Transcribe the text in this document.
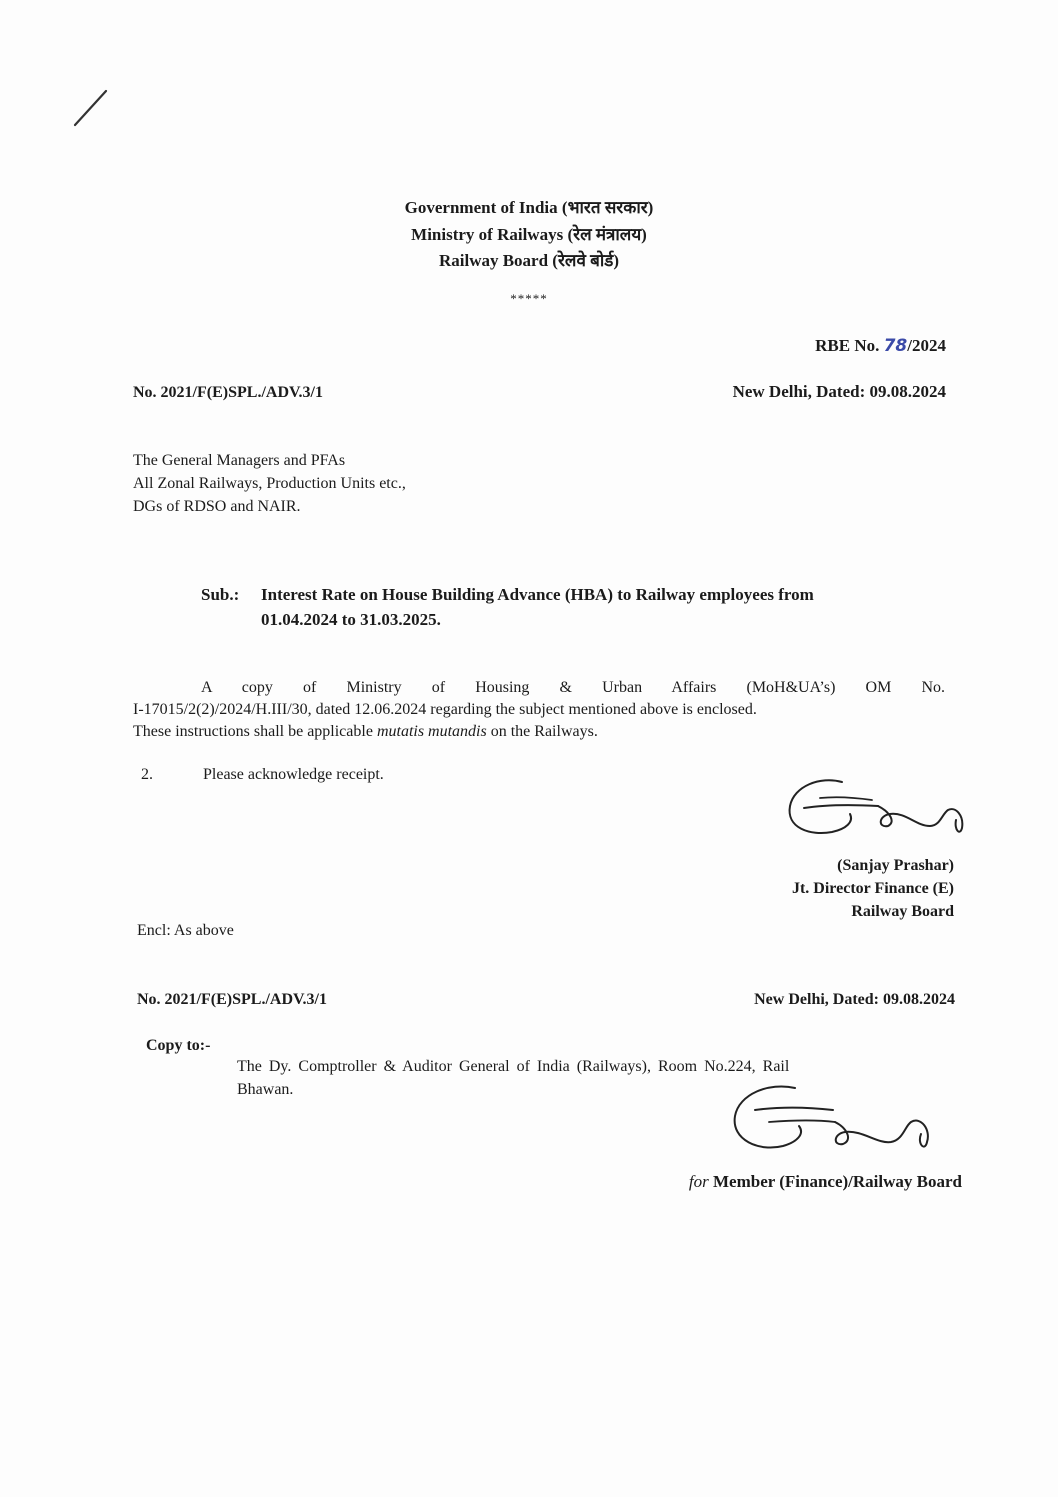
Government of India (भारत सरकार)
Ministry of Railways (रेल मंत्रालय)
Railway Board (रेलवे बोर्ड)
*****
RBE No. 78/2024
No. 2021/F(E)SPL./ADV.3/1	New Delhi, Dated: 09.08.2024
The General Managers and PFAs
All Zonal Railways, Production Units etc.,
DGs of RDSO and NAIR.
Sub.: Interest Rate on House Building Advance (HBA) to Railway employees from
01.04.2024 to 31.03.2025.
A copy of Ministry of Housing & Urban Affairs (MoH&UA’s) OM No.
I-17015/2(2)/2024/H.III/30, dated 12.06.2024 regarding the subject mentioned above is enclosed.
These instructions shall be applicable mutatis mutandis on the Railways.
2.	Please acknowledge receipt.
(Sanjay Prashar)
Jt. Director Finance (E)
Railway Board
Encl: As above
No. 2021/F(E)SPL./ADV.3/1	New Delhi, Dated: 09.08.2024
Copy to:-
The Dy. Comptroller & Auditor General of India (Railways), Room No.224, Rail
Bhawan.
for Member (Finance)/Railway Board
